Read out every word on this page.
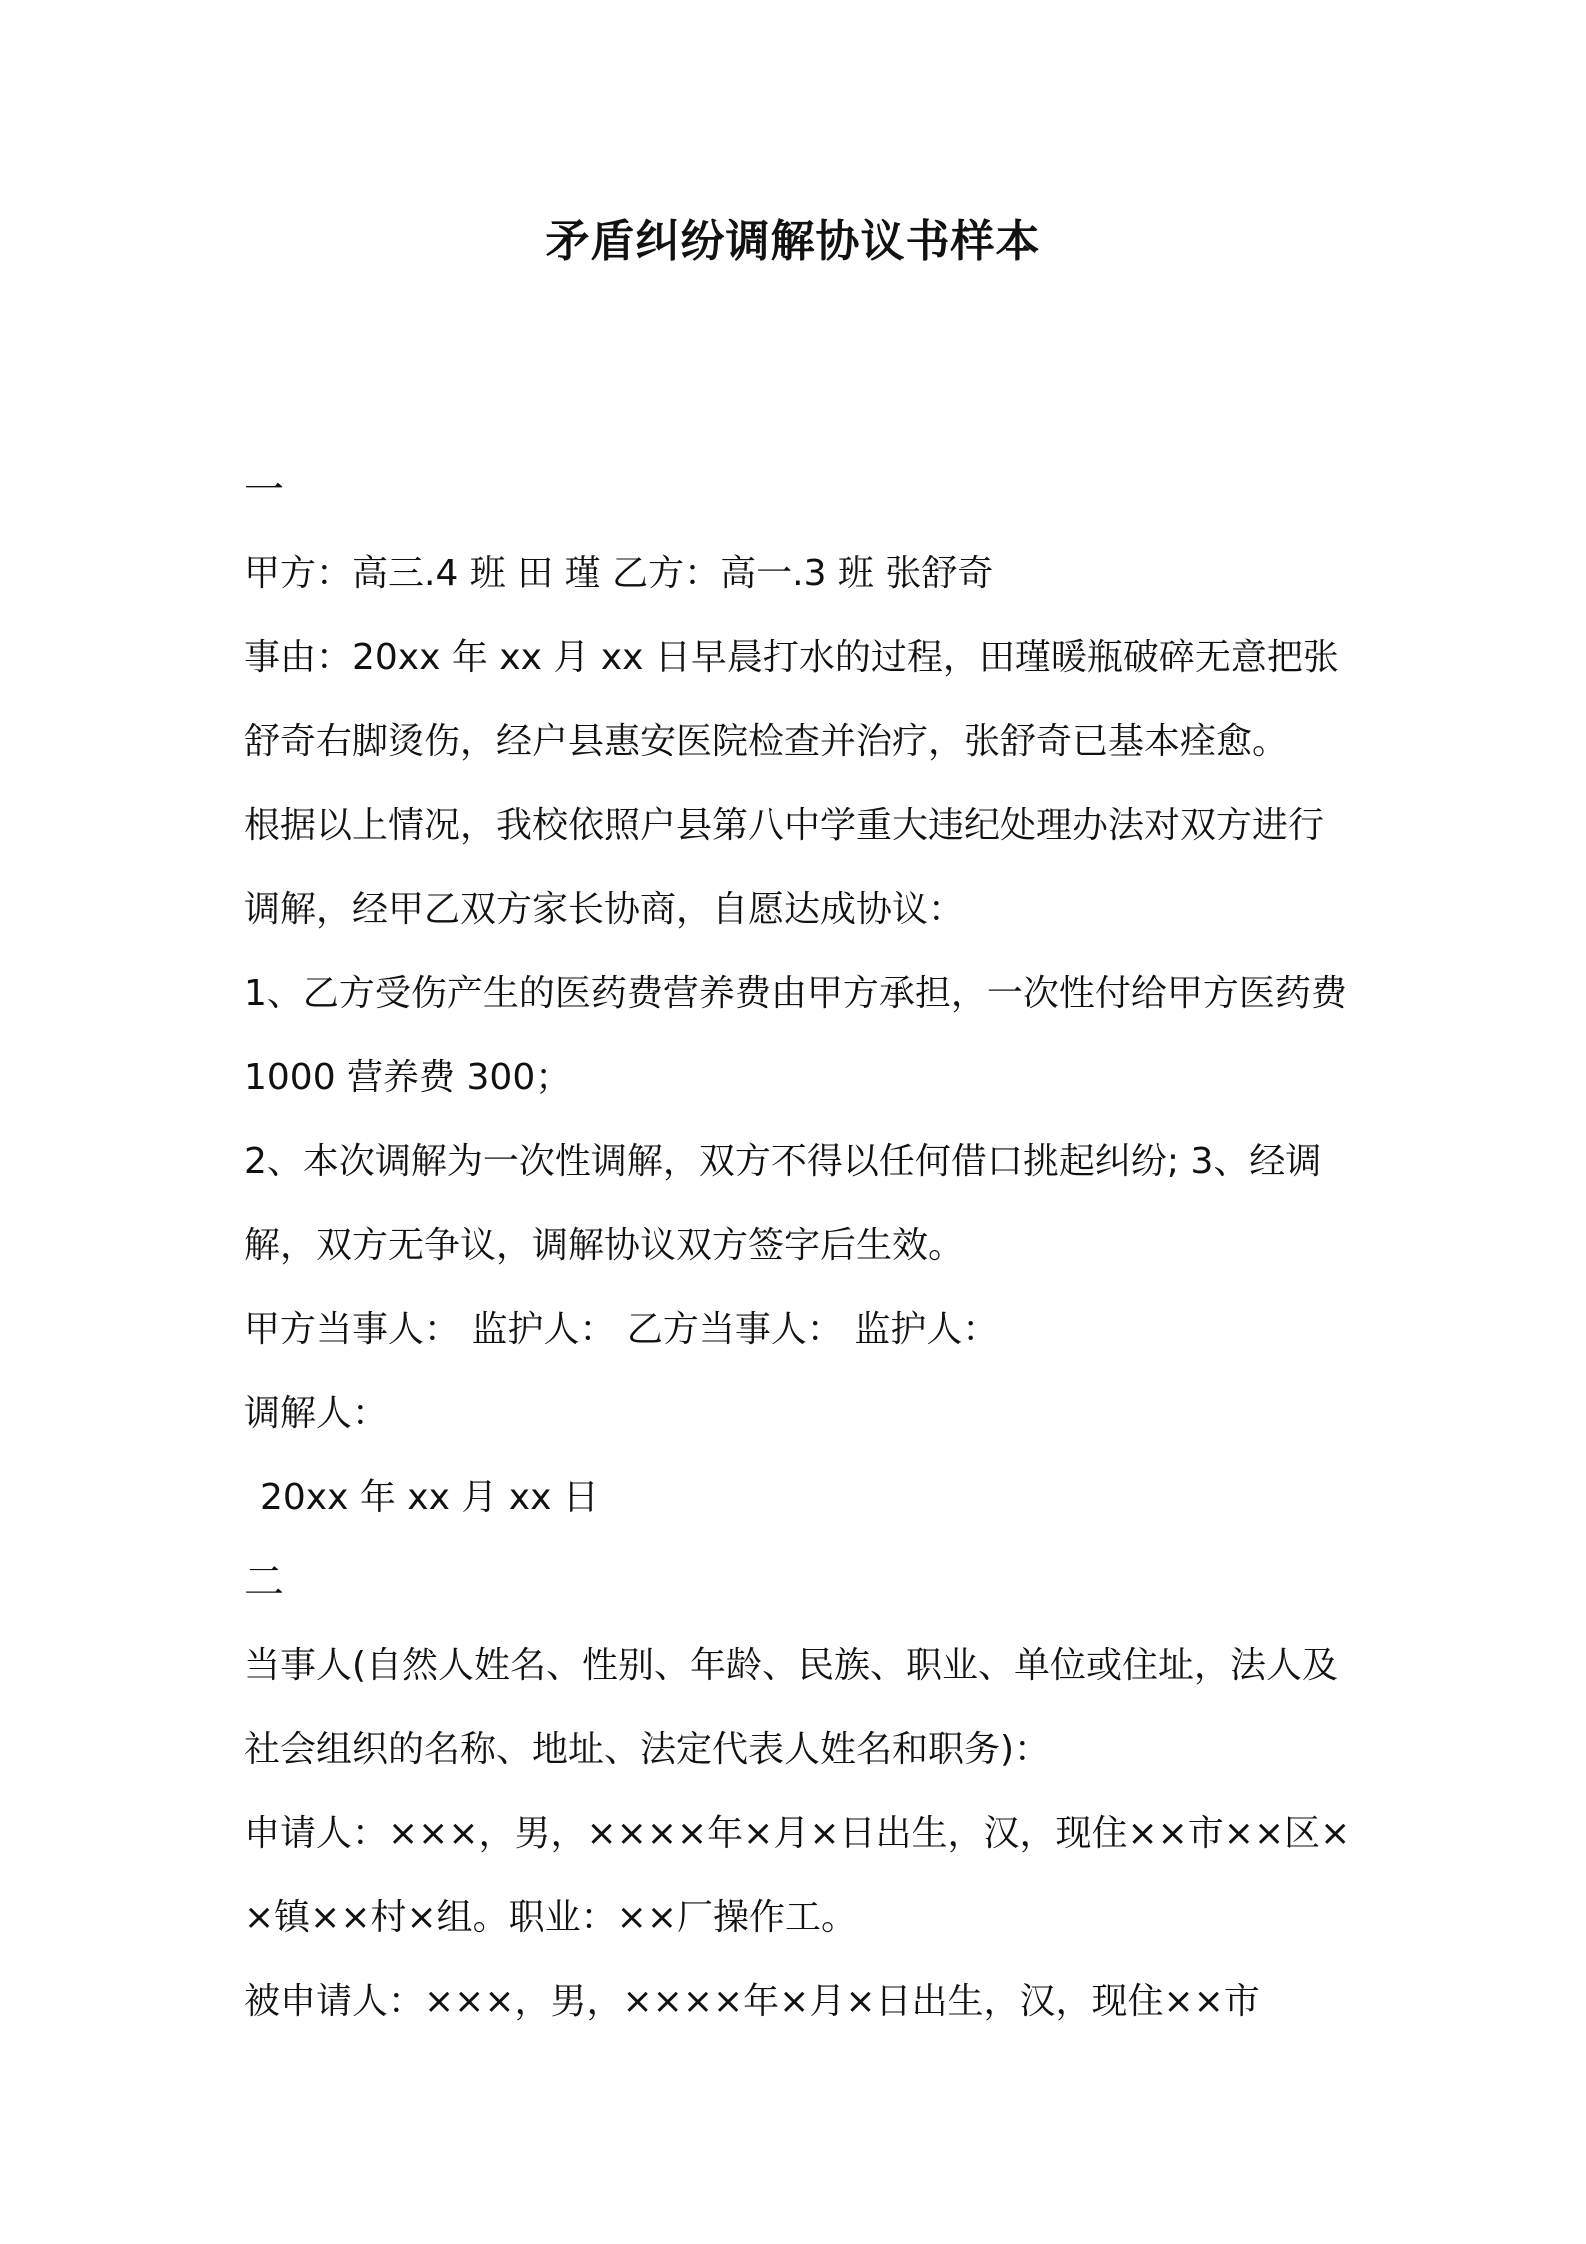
矛盾纠纷调解协议书样本

一

甲方：高三.4 班 田 瑾 乙方：高一.3 班 张舒奇

事由：20xx 年 xx 月 xx 日早晨打水的过程，田瑾暖瓶破碎无意把张舒奇右脚烫伤，经户县惠安医院检查并治疗，张舒奇已基本痊愈。

根据以上情况，我校依照户县第八中学重大违纪处理办法对双方进行调解，经甲乙双方家长协商，自愿达成协议：

1、乙方受伤产生的医药费营养费由甲方承担，一次性付给甲方医药费 1000 营养费 300；

2、本次调解为一次性调解，双方不得以任何借口挑起纠纷; 3、经调解，双方无争议，调解协议双方签字后生效。

甲方当事人： 监护人： 乙方当事人： 监护人：

调解人：

20xx 年 xx 月 xx 日

二

当事人(自然人姓名、性别、年龄、民族、职业、单位或住址，法人及社会组织的名称、地址、法定代表人姓名和职务)：

申请人：×××，男，××××年×月×日出生，汉，现住××市××区××镇××村×组。职业：××厂操作工。

被申请人：×××，男，××××年×月×日出生，汉，现住××市
